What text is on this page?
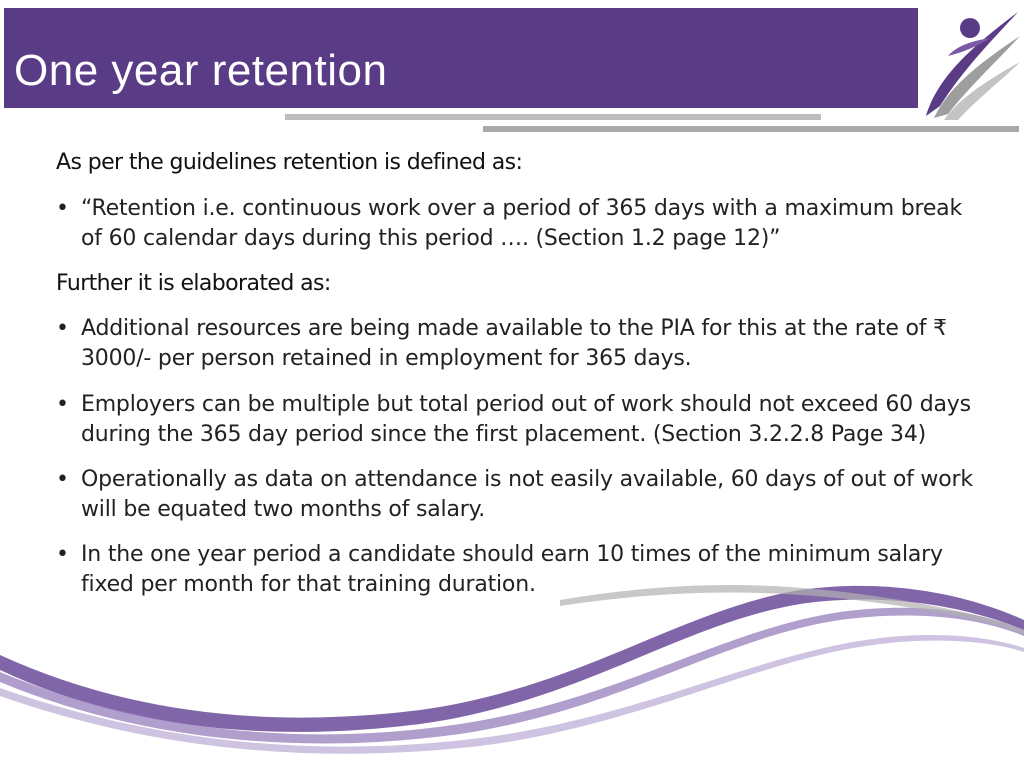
One year retention
As per the guidelines retention is defined as:
• “Retention i.e. continuous work over a period of 365 days with a maximum break
of 60 calendar days during this period …. (Section 1.2 page 12)”
Further it is elaborated as:
• Additional resources are being made available to the PIA for this at the rate of ₹
3000/- per person retained in employment for 365 days.
• Employers can be multiple but total period out of work should not exceed 60 days
during the 365 day period since the first placement. (Section 3.2.2.8 Page 34)
• Operationally as data on attendance is not easily available, 60 days of out of work
will be equated two months of salary.
• In the one year period a candidate should earn 10 times of the minimum salary
fixed per month for that training duration.
